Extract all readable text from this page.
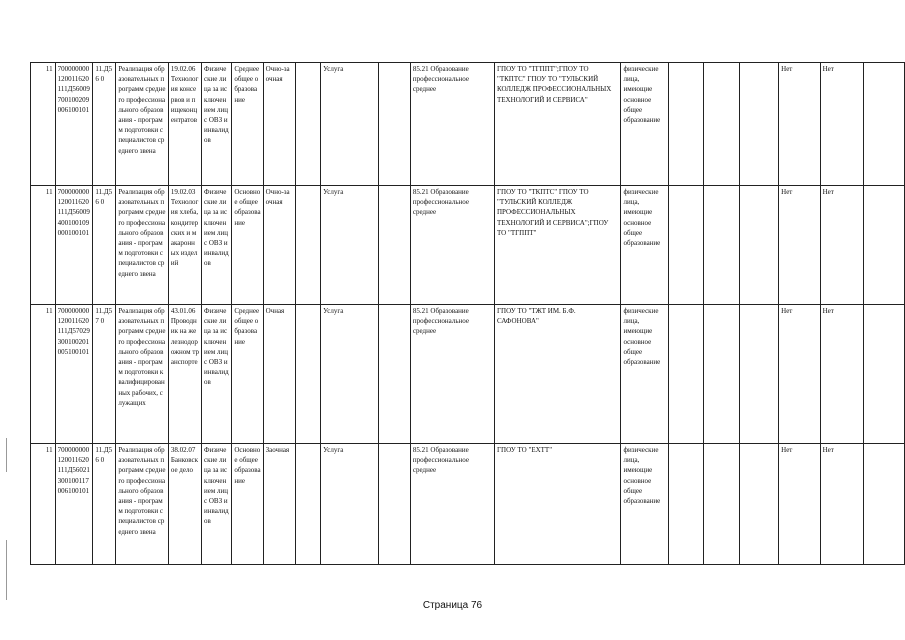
11	700000000 120011620 111Д56009 700100209 006100101	11.Д56 0	Реализация образовательных программ среднего профессионального образования - программ подготовки специалистов среднего звена	19.02.06 Технология консервов и пищеконцентратов	Физические лица за исключением лиц с ОВЗ и инвалидов	Среднее общее образование	Очно-заочная		Услуга		85.21 Образование профессиональное среднее	ГПОУ ТО "ТГППТ";ГПОУ ТО "ТКПТС" ГПОУ ТО "ТУЛЬСКИЙ КОЛЛЕДЖ ПРОФЕССИОНАЛЬНЫХ ТЕХНОЛОГИЙ И СЕРВИСА"	физические лица, имеющие основное общее образование				Нет	Нет	
11	700000000 120011620 111Д56009 400100109 000100101	11.Д56 0	Реализация образовательных программ среднего профессионального образования - программ подготовки специалистов среднего звена	19.02.03 Технология хлеба, кондитерских и макаронных изделий	Физические лица за исключением лиц с ОВЗ и инвалидов	Основное общее образование	Очно-заочная		Услуга		85.21 Образование профессиональное среднее	ГПОУ ТО "ТКПТС" ГПОУ ТО "ТУЛЬСКИЙ КОЛЛЕДЖ ПРОФЕССИОНАЛЬНЫХ ТЕХНОЛОГИЙ И СЕРВИСА";ГПОУ ТО "ТГППТ"	физические лица, имеющие основное общее образование				Нет	Нет	
11	700000000 120011620 111Д57029 300100201 005100101	11.Д57 0	Реализация образовательных программ среднего профессионального образования - программ подготовки квалифицированных рабочих, служащих	43.01.06 Проводник на железнодорожном транспорте	Физические лица за исключением лиц с ОВЗ и инвалидов	Среднее общее образование	Очная		Услуга		85.21 Образование профессиональное среднее	ГПОУ ТО "ТЖТ ИМ. Б.Ф. САФОНОВА"	физические лица, имеющие основное общее образование				Нет	Нет	
11	700000000 120011620 111Д56021 300100117 006100101	11.Д56 0	Реализация образовательных программ среднего профессионального образования - программ подготовки специалистов среднего звена	38.02.07 Банковское дело	Физические лица за исключением лиц с ОВЗ и инвалидов	Основное общее образование	Заочная		Услуга		85.21 Образование профессиональное среднее	ГПОУ ТО "ЕХТТ"	физические лица, имеющие основное общее образование				Нет	Нет	
Страница 76
